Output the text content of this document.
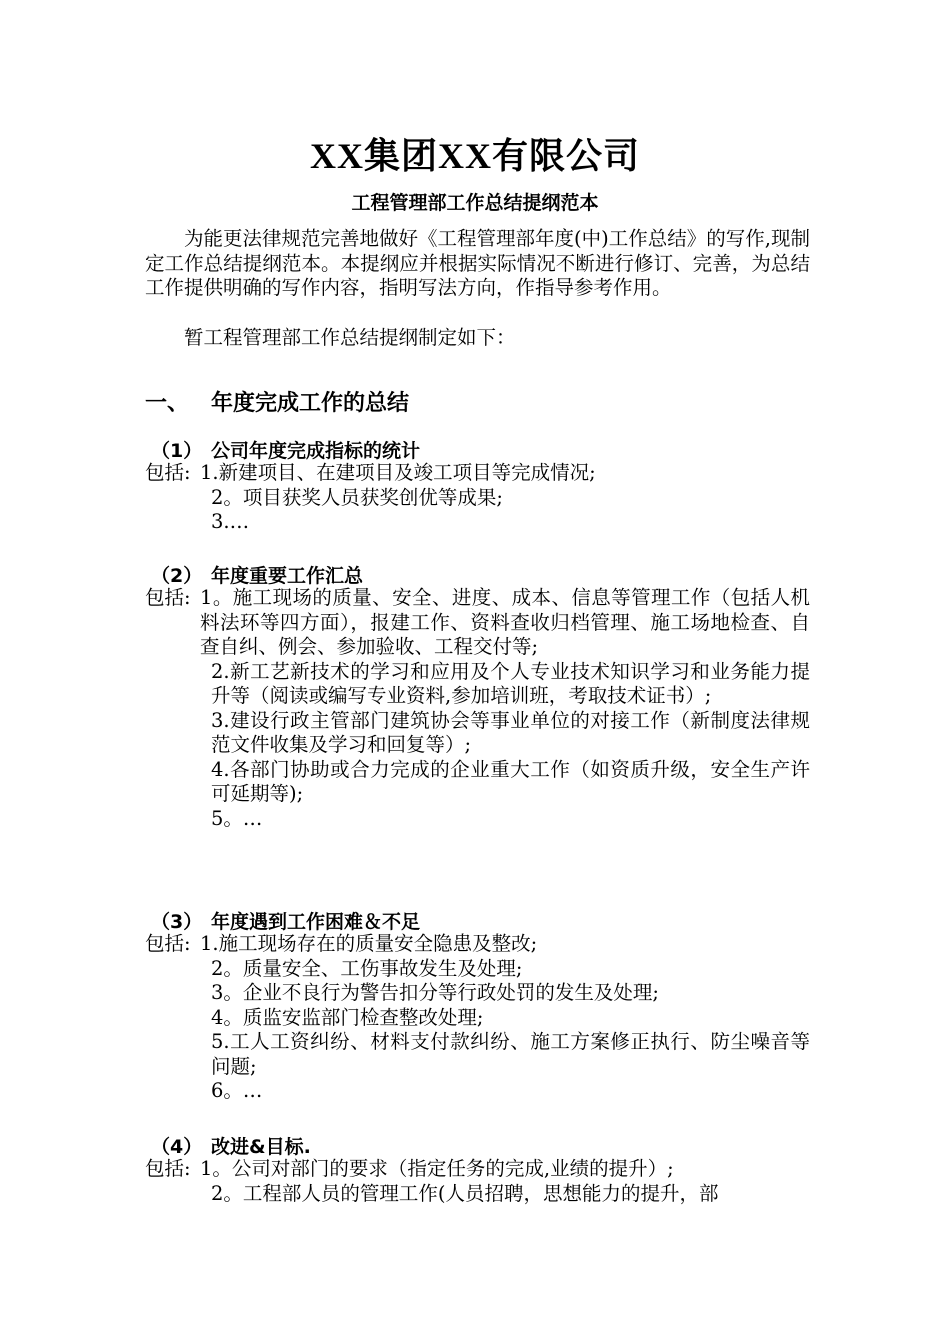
XX集团XX有限公司
工程管理部工作总结提纲范本
为能更法律规范完善地做好《工程管理部年度(中)工作总结》的写作,现制定工作总结提纲范本。本提纲应并根据实际情况不断进行修订、完善，为总结工作提供明确的写作内容，指明写法方向，作指导参考作用。
暂工程管理部工作总结提纲制定如下：
一、 年度完成工作的总结
（1） 公司年度完成指标的统计
包括: 1.新建项目、在建项目及竣工项目等完成情况;
2。项目获奖人员获奖创优等成果;
3.…
（2） 年度重要工作汇总
包括: 1。施工现场的质量、安全、进度、成本、信息等管理工作（包括人机料法环等四方面），报建工作、资料查收归档管理、施工场地检查、自查自纠、例会、参加验收、工程交付等;
2.新工艺新技术的学习和应用及个人专业技术知识学习和业务能力提升等（阅读或编写专业资料,参加培训班，考取技术证书）;
3.建设行政主管部门建筑协会等事业单位的对接工作（新制度法律规范文件收集及学习和回复等）;
4.各部门协助或合力完成的企业重大工作（如资质升级，安全生产许可延期等);
5。…
（3） 年度遇到工作困难＆不足
包括: 1.施工现场存在的质量安全隐患及整改;
2。质量安全、工伤事故发生及处理;
3。企业不良行为警告扣分等行政处罚的发生及处理;
4。质监安监部门检查整改处理;
5.工人工资纠纷、材料支付款纠纷、施工方案修正执行、防尘噪音等问题;
6。…
（4） 改进&目标.
包括: 1。公司对部门的要求（指定任务的完成,业绩的提升）;
2。工程部人员的管理工作(人员招聘，思想能力的提升，部
